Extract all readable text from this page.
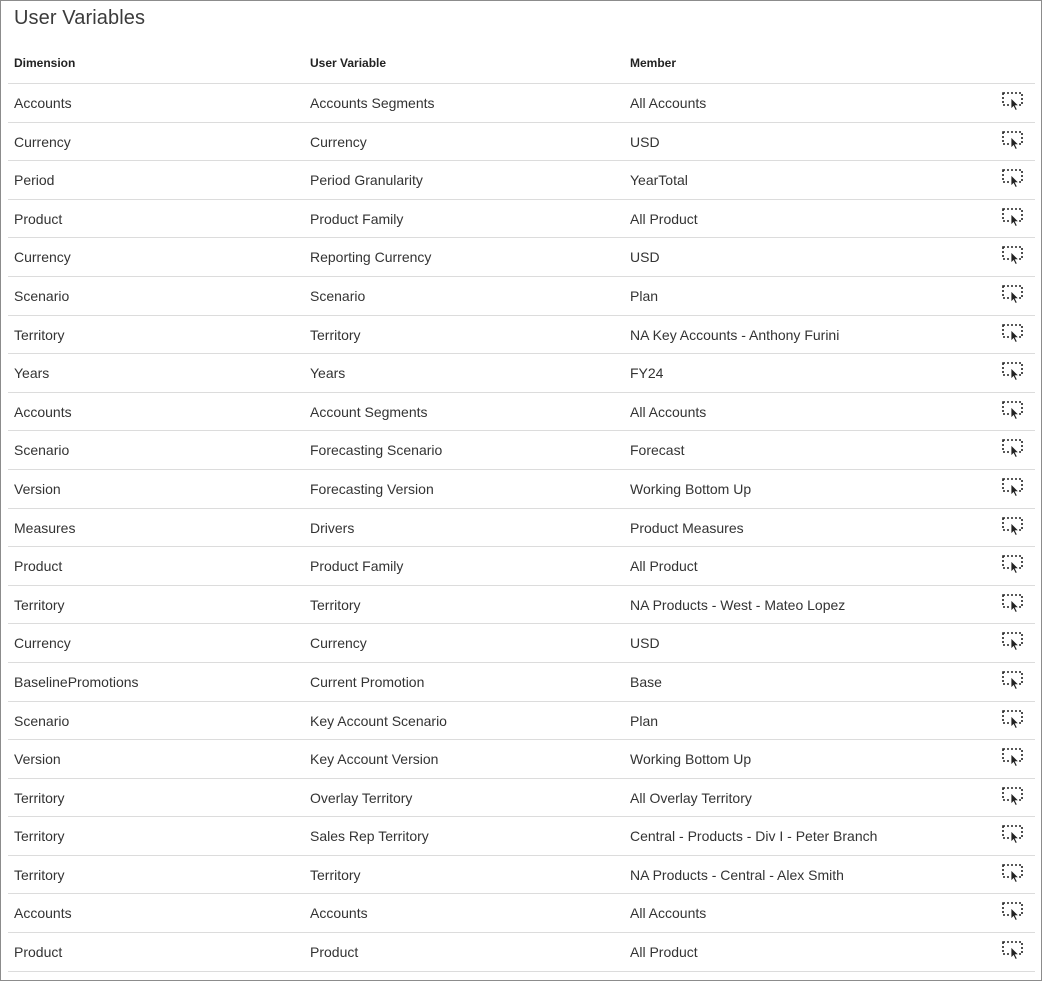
User Variables
Dimension	User Variable	Member
Accounts	Accounts Segments	All Accounts
Currency	Currency	USD
Period	Period Granularity	YearTotal
Product	Product Family	All Product
Currency	Reporting Currency	USD
Scenario	Scenario	Plan
Territory	Territory	NA Key Accounts - Anthony Furini
Years	Years	FY24
Accounts	Account Segments	All Accounts
Scenario	Forecasting Scenario	Forecast
Version	Forecasting Version	Working Bottom Up
Measures	Drivers	Product Measures
Product	Product Family	All Product
Territory	Territory	NA Products - West - Mateo Lopez
Currency	Currency	USD
BaselinePromotions	Current Promotion	Base
Scenario	Key Account Scenario	Plan
Version	Key Account Version	Working Bottom Up
Territory	Overlay Territory	All Overlay Territory
Territory	Sales Rep Territory	Central - Products - Div I - Peter Branch
Territory	Territory	NA Products - Central - Alex Smith
Accounts	Accounts	All Accounts
Product	Product	All Product
